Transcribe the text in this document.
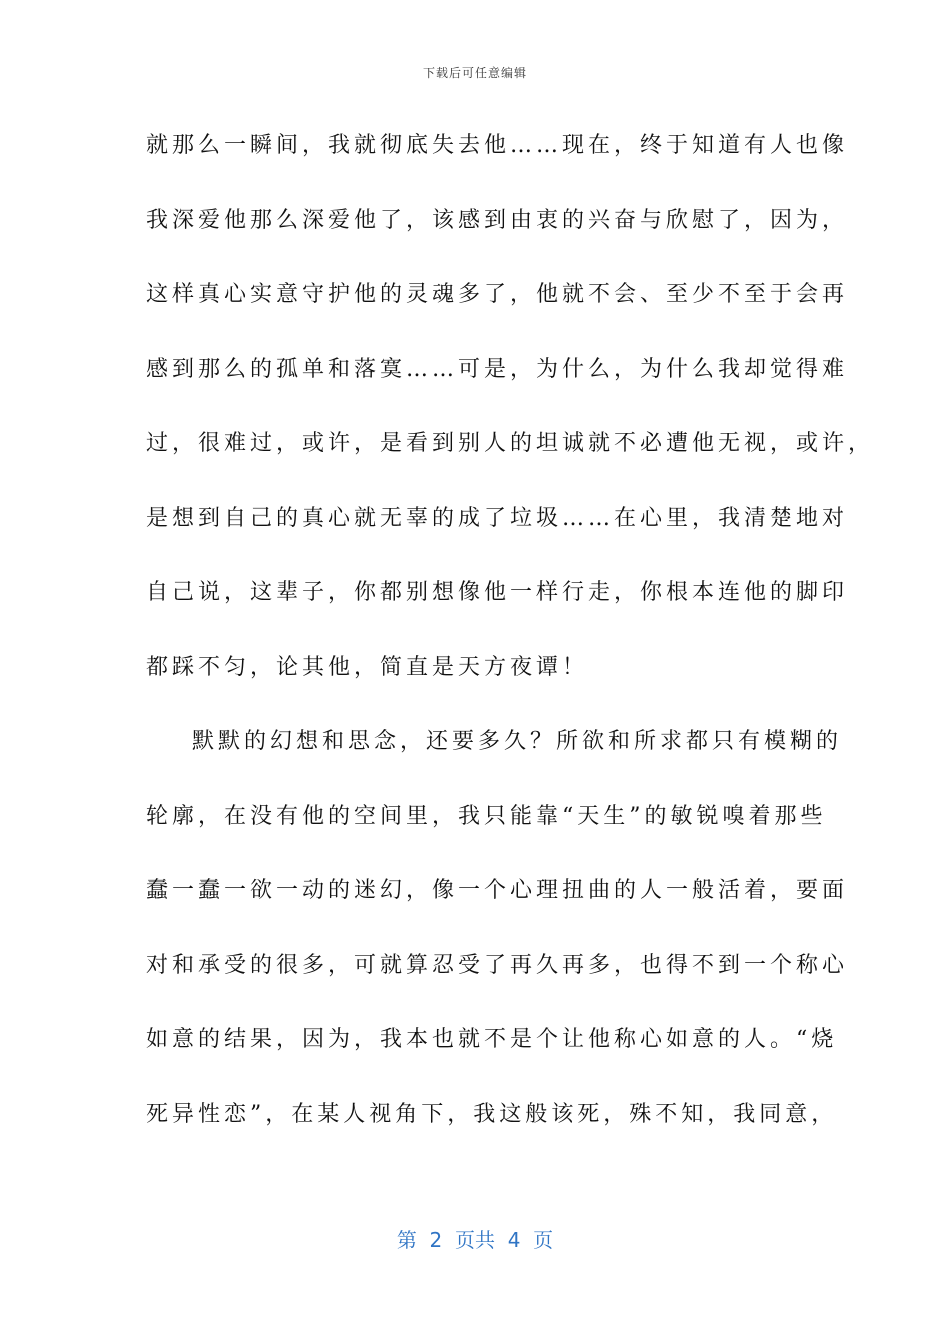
下载后可任意编辑
就那么一瞬间，我就彻底失去他……现在，终于知道有人也像
我深爱他那么深爱他了，该感到由衷的兴奋与欣慰了，因为，
这样真心实意守护他的灵魂多了，他就不会、至少不至于会再
感到那么的孤单和落寞……可是，为什么，为什么我却觉得难
过，很难过，或许，是看到别人的坦诚就不必遭他无视，或许，
是想到自己的真心就无辜的成了垃圾……在心里，我清楚地对
自己说，这辈子，你都别想像他一样行走，你根本连他的脚印
都踩不匀，论其他，简直是天方夜谭！
默默的幻想和思念，还要多久？所欲和所求都只有模糊的
轮廓，在没有他的空间里，我只能靠“天生”的敏锐嗅着那些
蠢一蠢一欲一动的迷幻，像一个心理扭曲的人一般活着，要面
对和承受的很多，可就算忍受了再久再多，也得不到一个称心
如意的结果，因为，我本也就不是个让他称心如意的人。“烧
死异性恋”，在某人视角下，我这般该死，殊不知，我同意，
第  2  页共  4  页
